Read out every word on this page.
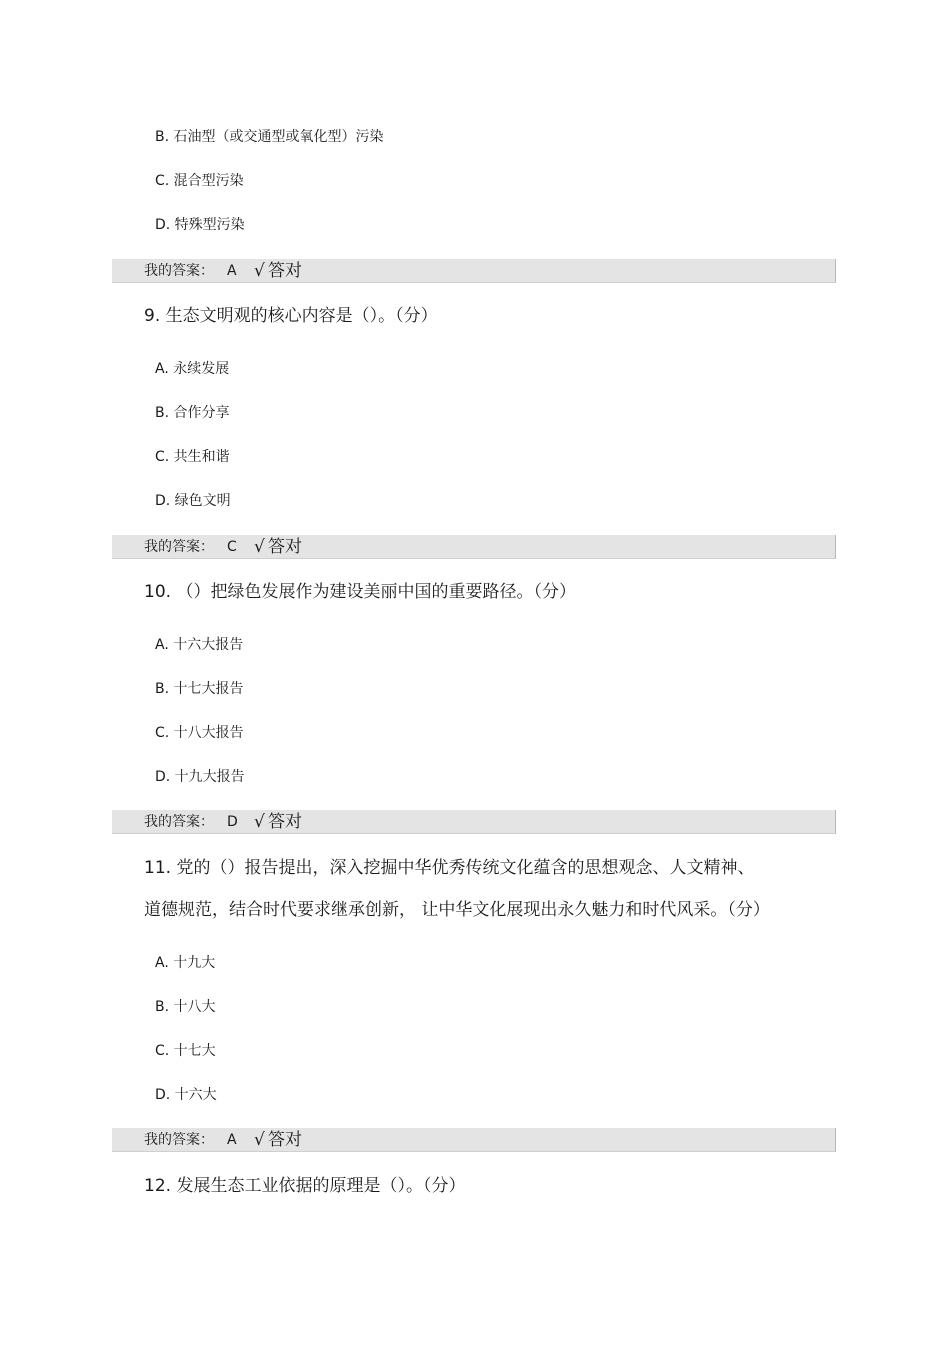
B. 石油型（或交通型或氧化型）污染
C. 混合型污染
D. 特殊型污染
我的答案： A √ 答对
9. 生态文明观的核心内容是（）。（分）
A. 永续发展
B. 合作分享
C. 共生和谐
D. 绿色文明
我的答案： C √ 答对
10. （）把绿色发展作为建设美丽中国的重要路径。（分）
A. 十六大报告
B. 十七大报告
C. 十八大报告
D. 十九大报告
我的答案： D √ 答对
11. 党的（）报告提出，深入挖掘中华优秀传统文化蕴含的思想观念、人文精神、
道德规范，结合时代要求继承创新， 让中华文化展现出永久魅力和时代风采。（分）
A. 十九大
B. 十八大
C. 十七大
D. 十六大
我的答案： A √ 答对
12. 发展生态工业依据的原理是（）。（分）
